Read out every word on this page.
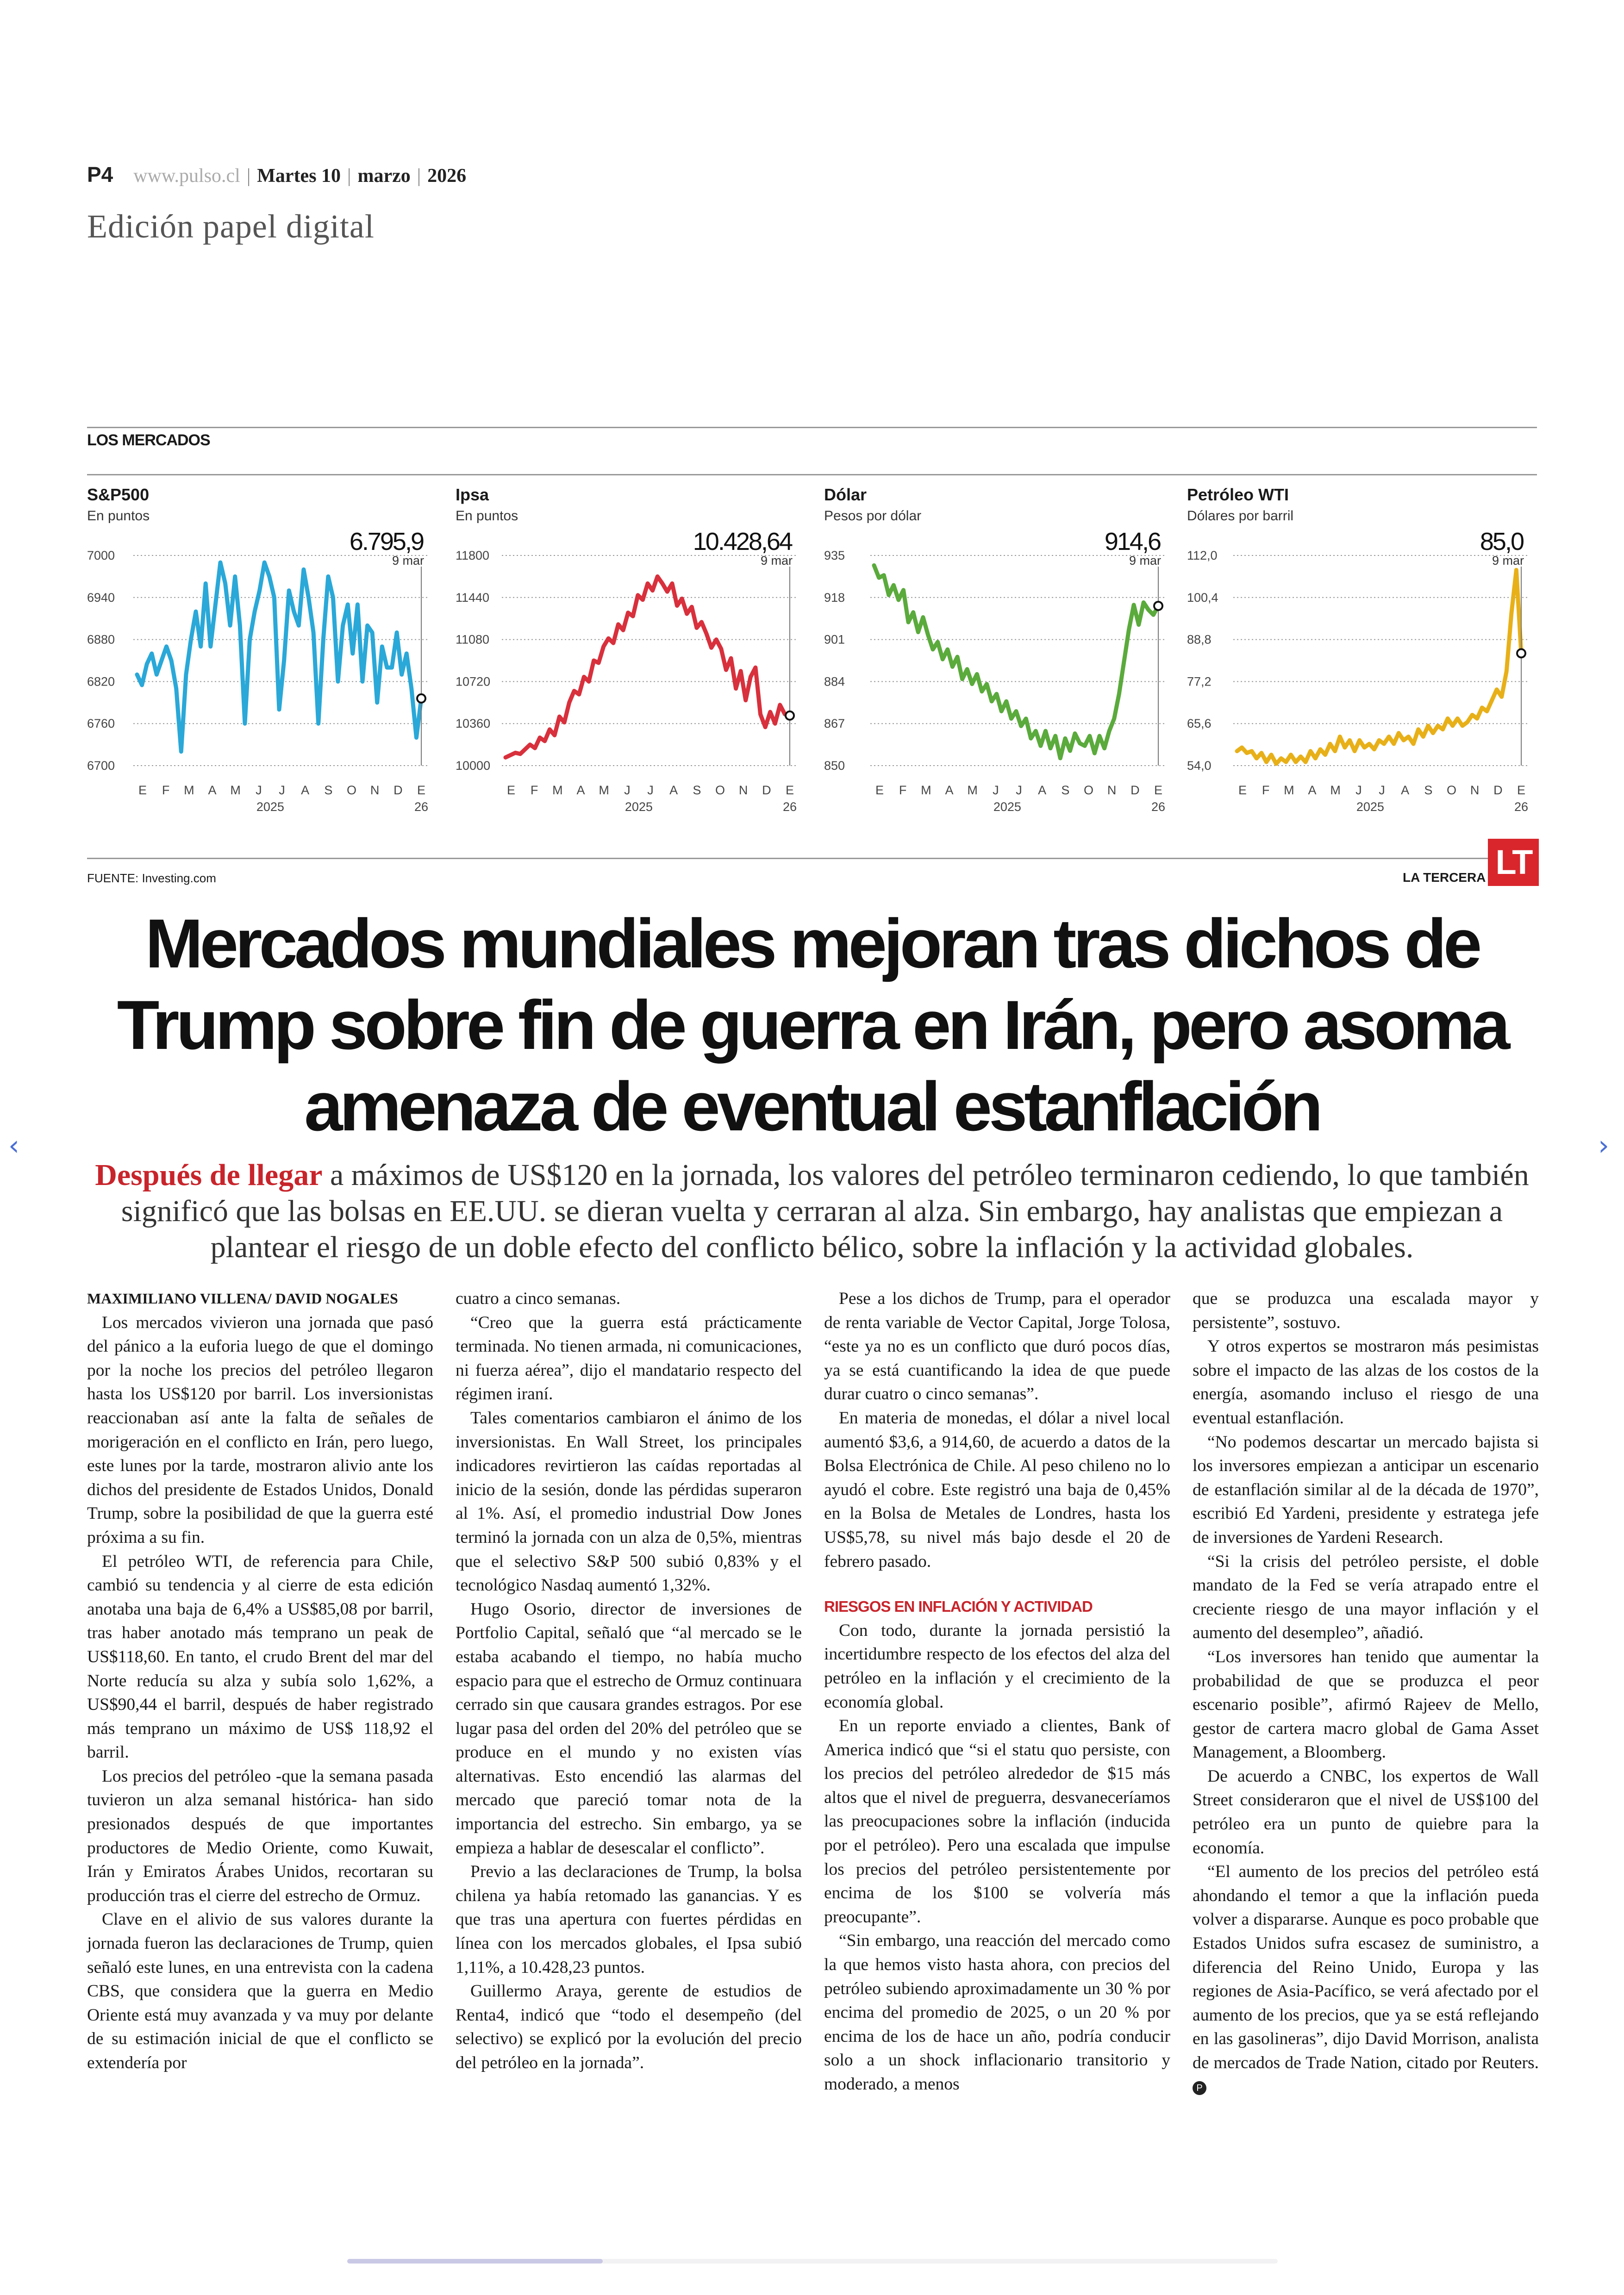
P4 www.pulso.cl | Martes 10 | marzo | 2026
Edición papel digital
LOS MERCADOS
S&P500
En puntos
7000
6940
6880
6820
6760
6700
E F M A M J J A S O N D E
2025	26
6.795,9
9 mar
Ipsa
En puntos
11800
11440
11080
10720
10360
10000
E F M A M J J A S O N D E
2025	26
10.428,64
9 mar
Dólar
Pesos por dólar
935
918
901
884
867
850
E F M A M J J A S O N D E
2025	26
914,6
9 mar
Petróleo WTI
Dólares por barril
112,0
100,4
88,8
77,2
65,6
54,0
E F M A M J J A S O N D E
2025	26
85,0
9 mar
FUENTE: Investing.com	LA TERCERA LT
Mercados mundiales mejoran tras dichos de Trump sobre fin de guerra en Irán, pero asoma amenaza de eventual estanflación
Después de llegar a máximos de US$120 en la jornada, los valores del petróleo terminaron cediendo, lo que también significó que las bolsas en EE.UU. se dieran vuelta y cerraran al alza. Sin embargo, hay analistas que empiezan a plantear el riesgo de un doble efecto del conflicto bélico, sobre la inflación y la actividad globales.

MAXIMILIANO VILLENA/ DAVID NOGALES

Los mercados vivieron una jornada que pasó del pánico a la euforia luego de que el domingo por la noche los precios del petróleo llegaron hasta los US$120 por barril. Los inversionistas reaccionaban así ante la falta de señales de morigeración en el conflicto en Irán, pero luego, este lunes por la tarde, mostraron alivio ante los dichos del presidente de Estados Unidos, Donald Trump, sobre la posibilidad de que la guerra esté próxima a su fin.

El petróleo WTI, de referencia para Chile, cambió su tendencia y al cierre de esta edición anotaba una baja de 6,4% a US$85,08 por barril, tras haber anotado más temprano un peak de US$118,60. En tanto, el crudo Brent del mar del Norte reducía su alza y subía solo 1,62%, a US$90,44 el barril, después de haber registrado más temprano un máximo de US$ 118,92 el barril.

Los precios del petróleo -que la semana pasada tuvieron un alza semanal histórica- han sido presionados después de que importantes productores de Medio Oriente, como Kuwait, Irán y Emiratos Árabes Unidos, recortaran su producción tras el cierre del estrecho de Ormuz.

Clave en el alivio de sus valores durante la jornada fueron las declaraciones de Trump, quien señaló este lunes, en una entrevista con la cadena CBS, que considera que la guerra en Medio Oriente está muy avanzada y va muy por delante de su estimación inicial de que el conflicto se extendería por

cuatro a cinco semanas.

“Creo que la guerra está prácticamente terminada. No tienen armada, ni comunicaciones, ni fuerza aérea”, dijo el mandatario respecto del régimen iraní.

Tales comentarios cambiaron el ánimo de los inversionistas. En Wall Street, los principales indicadores revirtieron las caídas reportadas al inicio de la sesión, donde las pérdidas superaron al 1%. Así, el promedio industrial Dow Jones terminó la jornada con un alza de 0,5%, mientras que el selectivo S&P 500 subió 0,83% y el tecnológico Nasdaq aumentó 1,32%.

Hugo Osorio, director de inversiones de Portfolio Capital, señaló que “al mercado se le estaba acabando el tiempo, no había mucho espacio para que el estrecho de Ormuz continuara cerrado sin que causara grandes estragos. Por ese lugar pasa del orden del 20% del petróleo que se produce en el mundo y no existen vías alternativas. Esto encendió las alarmas del mercado que pareció tomar nota de la importancia del estrecho. Sin embargo, ya se empieza a hablar de desescalar el conflicto”.

Previo a las declaraciones de Trump, la bolsa chilena ya había retomado las ganancias. Y es que tras una apertura con fuertes pérdidas en línea con los mercados globales, el Ipsa subió 1,11%, a 10.428,23 puntos.

Guillermo Araya, gerente de estudios de Renta4, indicó que “todo el desempeño (del selectivo) se explicó por la evolución del precio del petróleo en la jornada”.

Pese a los dichos de Trump, para el operador de renta variable de Vector Capital, Jorge Tolosa, “este ya no es un conflicto que duró pocos días, ya se está cuantificando la idea de que puede durar cuatro o cinco semanas”.

En materia de monedas, el dólar a nivel local aumentó $3,6, a 914,60, de acuerdo a datos de la Bolsa Electrónica de Chile. Al peso chileno no lo ayudó el cobre. Este registró una baja de 0,45% en la Bolsa de Metales de Londres, hasta los US$5,78, su nivel más bajo desde el 20 de febrero pasado.

RIESGOS EN INFLACIÓN Y ACTIVIDAD

Con todo, durante la jornada persistió la incertidumbre respecto de los efectos del alza del petróleo en la inflación y el crecimiento de la economía global.

En un reporte enviado a clientes, Bank of America indicó que “si el statu quo persiste, con los precios del petróleo alrededor de $15 más altos que el nivel de preguerra, desvaneceríamos las preocupaciones sobre la inflación (inducida por el petróleo). Pero una escalada que impulse los precios del petróleo persistentemente por encima de los $100 se volvería más preocupante”.

“Sin embargo, una reacción del mercado como la que hemos visto hasta ahora, con precios del petróleo subiendo aproximadamente un 30 % por encima del promedio de 2025, o un 20 % por encima de los de hace un año, podría conducir solo a un shock inflacionario transitorio y moderado, a menos

que se produzca una escalada mayor y persistente”, sostuvo.

Y otros expertos se mostraron más pesimistas sobre el impacto de las alzas de los costos de la energía, asomando incluso el riesgo de una eventual estanflación.

“No podemos descartar un mercado bajista si los inversores empiezan a anticipar un escenario de estanflación similar al de la década de 1970”, escribió Ed Yardeni, presidente y estratega jefe de inversiones de Yardeni Research.

“Si la crisis del petróleo persiste, el doble mandato de la Fed se vería atrapado entre el creciente riesgo de una mayor inflación y el aumento del desempleo”, añadió.

“Los inversores han tenido que aumentar la probabilidad de que se produzca el peor escenario posible”, afirmó Rajeev de Mello, gestor de cartera macro global de Gama Asset Management, a Bloomberg.

De acuerdo a CNBC, los expertos de Wall Street consideraron que el nivel de US$100 del petróleo era un punto de quiebre para la economía.

“El aumento de los precios del petróleo está ahondando el temor a que la inflación pueda volver a dispararse. Aunque es poco probable que Estados Unidos sufra escasez de suministro, a diferencia del Reino Unido, Europa y las regiones de Asia-Pacífico, se verá afectado por el aumento de los precios, que ya se está reflejando en las gasolineras”, dijo David Morrison, analista de mercados de Trade Nation, citado por Reuters. P

‹	›
